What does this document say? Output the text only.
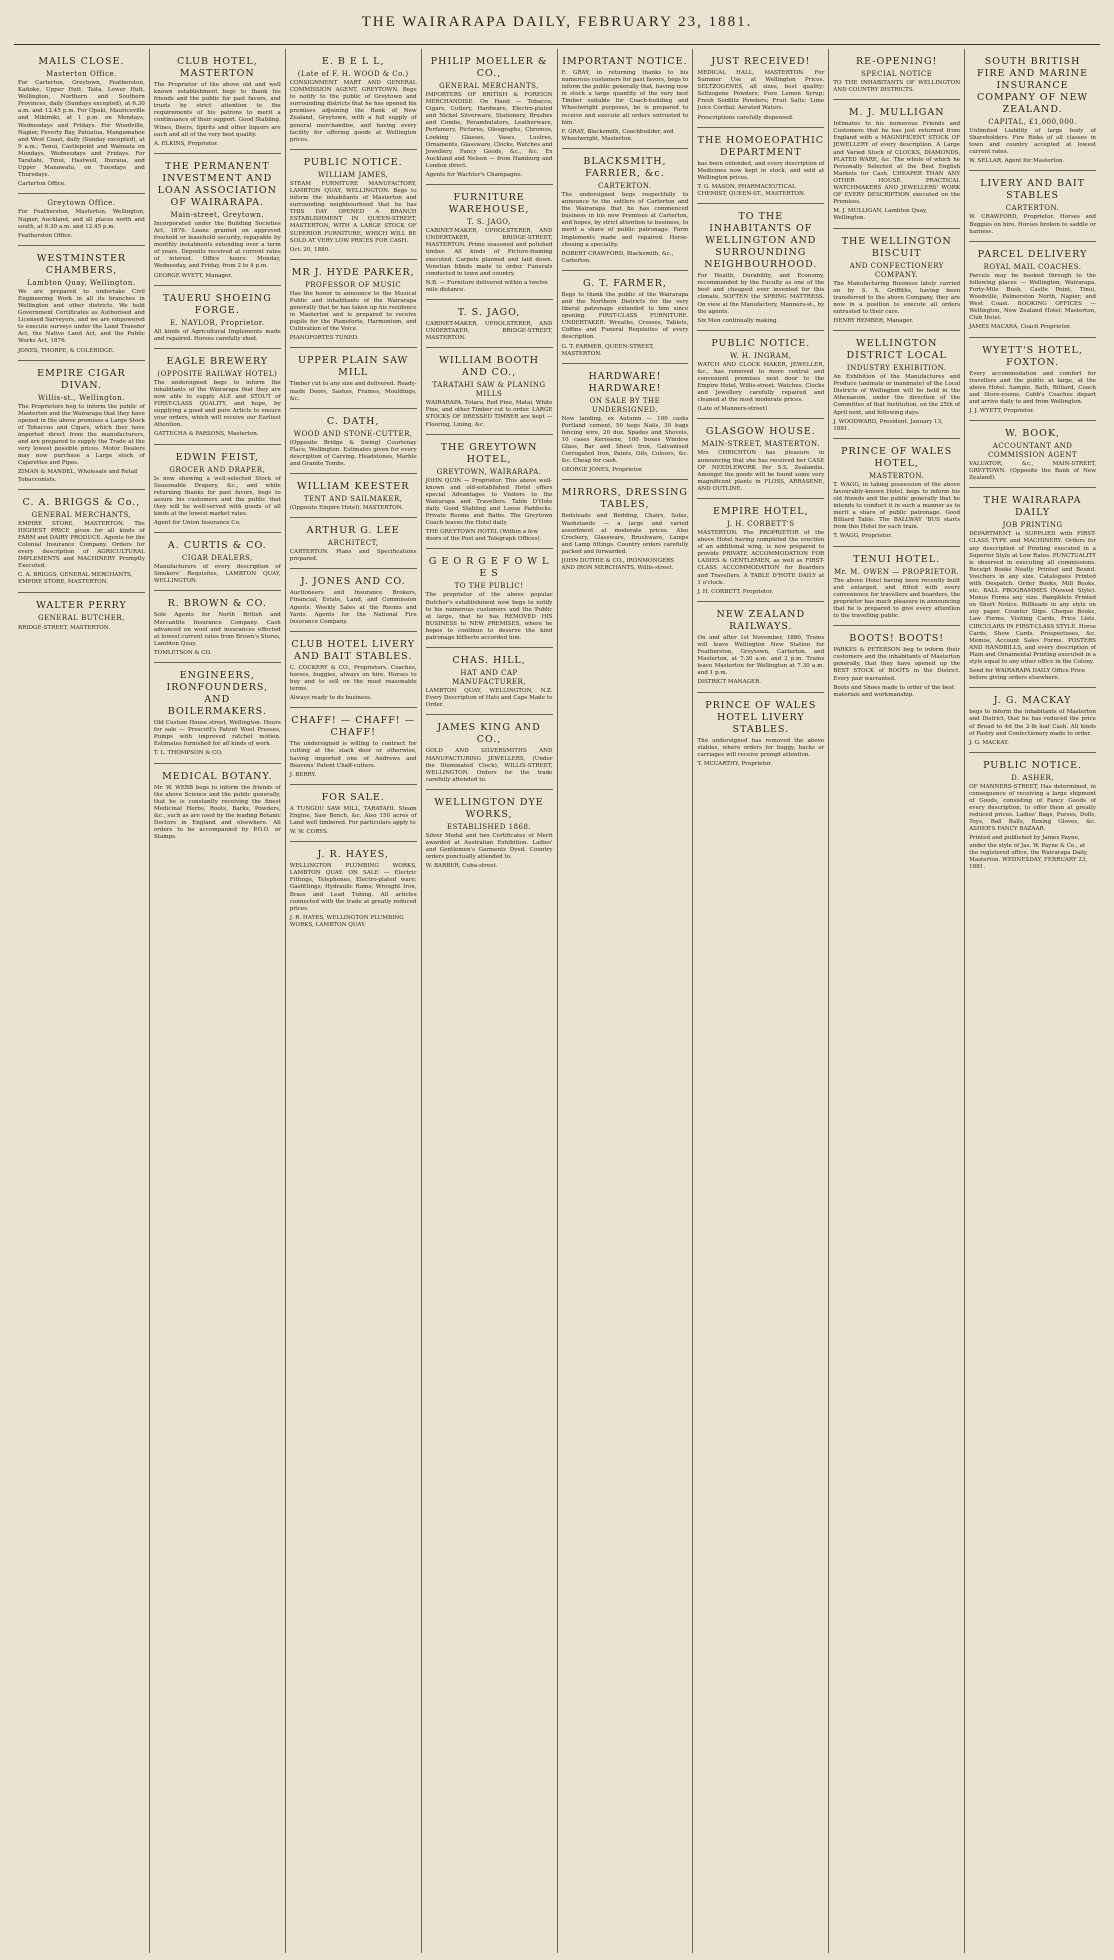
THE WAIRARAPA DAILY, FEBRUARY 23, 1881.
MAILS CLOSE.
Masterton Office.
For Carterton, Greytown, Featherston, Kaitoke, Upper Hutt, Taita, Lower Hutt, Wellington, Northern and Southern Provinces, daily (Sundays excepted), at 6.30 a.m. and 12.45 p.m. For Opaki, Mauriceville and Mikimiki, at 1 p.m. on Mondays, Wednesdays and Fridays. For Woodville, Napier, Feverty Bay, Pahiatua, Mangamahoe and West Coast, daily (Sunday excepted), at 9 a.m.; Tenui, Castlepoint and Waimata on Mondays, Wednesdays and Fridays. For Taratahi, Tinui, Hastwell, Ihuraua, and Upper Manawatu, on Tuesdays and Thursdays.
Carterton Office.
Greytown Office.
For Featherston, Masterton, Wellington, Napier, Auckland, and all places north and south, at 6.30 a.m. and 12.45 p.m.
Featherston Office.
WESTMINSTER CHAMBERS,
Lambton Quay, Wellington.
We are prepared to undertake Civil Engineering Work in all its branches in Wellington and other districts. We hold Government Certificates as Authorised and Licensed Surveyors, and we are empowered to execute surveys under the Land Transfer Act, the Native Land Act, and the Public Works Act, 1876.
JONES, THORPE, & COLERIDGE.
EMPIRE CIGAR DIVAN.
Willis-st., Wellington.
The Proprietors beg to inform the public of Masterton and the Wairarapa that they have opened in the above premises a Large Stock of Tobaccos and Cigars, which they have imported direct from the manufacturers, and are prepared to supply the Trade at the very lowest possible prices. Motor Dealers may now purchase a Large stock of Cigarettes and Pipes.
ZIMAN & MANDEL, Wholesale and Retail Tobacconists.
C. A. BRIGGS & Co.,
GENERAL MERCHANTS,
EMPIRE STORE, MASTERTON. The HIGHEST PRICE given for all kinds of FARM and DAIRY PRODUCE. Agents for the Colonial Insurance Company. Orders for every description of AGRICULTURAL IMPLEMENTS and MACHINERY Promptly Executed.
C. A. BRIGGS, GENERAL MERCHANTS, EMPIRE STORE, MASTERTON.
WALTER PERRY
GENERAL BUTCHER,
BRIDGE-STREET, MASTERTON.
CLUB HOTEL, MASTERTON
The Proprietor of the above old and well known establishment begs to thank his friends and the public for past favors, and trusts by strict attention to the requirements of his patrons to merit a continuance of their support. Good Stabling. Wines, Beers, Spirits and other liquors are each and all of the very best quality.
A. ELKINS, Proprietor.
THE PERMANENT INVESTMENT AND LOAN ASSOCIATION OF WAIRARAPA.
Main-street, Greytown.
Incorporated under the Building Societies Act, 1876. Loans granted on approved freehold or leasehold security, repayable by monthly instalments extending over a term of years. Deposits received at current rates of interest. Office hours: Monday, Wednesday, and Friday, from 2 to 4 p.m.
GEORGE WYETT, Manager.
TAUERU SHOEING FORGE.
E. NAYLOR, Proprietor.
All kinds of Agricultural Implements made and repaired. Horses carefully shod.
EAGLE BREWERY
(OPPOSITE RAILWAY HOTEL)
The undersigned begs to inform the inhabitants of the Wairarapa that they are now able to supply ALE and STOUT of FIRST-CLASS QUALITY, and hope, by supplying a good and pure Article to ensure your orders, which will receive our Earliest Attention.
GATTECHA & PARSONS, Masterton.
EDWIN FEIST,
GROCER AND DRAPER,
Is now showing a well-selected Stock of Seasonable Drapery, &c., and while returning thanks for past favors, begs to assure his customers and the public that they will be well-served with goods of all kinds at the lowest market rates.
Agent for Union Insurance Co.
A. CURTIS & CO.
CIGAR DEALERS,
Manufacturers of every description of Smokers' Requisites, LAMBTON QUAY, WELLINGTON.
R. BROWN & CO.
Sole Agents for North British and Mercantile Insurance Company. Cash advanced on wool and insurances effected at lowest current rates from Brown's Stores, Lambton Quay.
TOMLETSON & CO.
ENGINEERS, IRONFOUNDERS, AND BOILERMAKERS.
Old Custom House street, Wellington. Hours for sale — Prescott's Patent Wool Presses, Pumps with improved ratchet motion. Estimates furnished for all kinds of work.
T. L. THOMPSON & CO.
MEDICAL BOTANY.
Mr. W. WEBB begs to inform the friends of the above Science and the public generally, that he is constantly receiving the finest Medicinal Herbs, Roots, Barks, Powders, &c., such as are used by the leading Botanic Doctors in England and elsewhere. All orders to be accompanied by P.O.O. or Stamps.
E. B E L L,
(Late of F. H. WOOD & Co.)
CONSIGNMENT MART AND GENERAL COMMISSION AGENT, GREYTOWN. Begs to notify to the public of Greytown and surrounding districts that he has opened his premises adjoining the Bank of New Zealand, Greytown, with a full supply of general merchandise, and having every facility for offering goods at Wellington prices.
PUBLIC NOTICE.
WILLIAM JAMES,
STEAM FURNITURE MANUFACTORY, LAMBTON QUAY, WELLINGTON. Begs to inform the inhabitants of Masterton and surrounding neighbourhood that he has THIS DAY OPENED A BRANCH ESTABLISHMENT IN QUEEN-STREET, MASTERTON, WITH A LARGE STOCK OF SUPERIOR FURNITURE, WHICH WILL BE SOLD AT VERY LOW PRICES FOR CASH.
Oct. 20, 1880.
MR J. HYDE PARKER,
PROFESSOR OF MUSIC
Has the honor to announce to the Musical Public and inhabitants of the Wairarapa generally that he has taken up his residence in Masterton and is prepared to receive pupils for the Pianoforte, Harmonium, and Cultivation of the Voice.
PIANOFORTES TUNED.
UPPER PLAIN SAW MILL
Timber cut to any size and delivered. Ready-made Doors, Sashes, Frames, Mouldings, &c.
C. DATH,
WOOD AND STONE-CUTTER,
(Opposite Bridge & Swing) Courtenay Place, Wellington. Estimates given for every description of Carving. Headstones, Marble and Granite Tombs.
WILLIAM KEESTER
TENT AND SAILMAKER,
(Opposite Empire Hotel), MASTERTON.
ARTHUR G. LEE
ARCHITECT,
CARTERTON. Plans and Specifications prepared.
J. JONES AND CO.
Auctioneers and Insurance Brokers, Financial, Estate, Land, and Commission Agents. Weekly Sales at the Rooms and Yards. Agents for the National Fire Insurance Company.
CLUB HOTEL LIVERY AND BAIT STABLES.
C. COCKERY & CO., Proprietors. Coaches, horses, buggies, always on hire. Horses to buy and to sell on the most reasonable terms.
Always ready to do business.
CHAFF! — CHAFF! — CHAFF!
The undersigned is willing to contract for cutting at the stack door or otherwise, having imported one of Andrews and Beavens' Patent Chaff-cutters.
J. BERRY.
FOR SALE.
A TUNGOU SAW MILL, TARATAHI. Steam Engine, Saw Bench, &c. Also 150 acres of Land well timbered. For particulars apply to
W. W. CORYS.
J. R. HAYES,
WELLINGTON PLUMBING WORKS, LAMBTON QUAY. ON SALE — Electric Fittings, Telephones, Electro-plated ware; Gasfittings; Hydraulic Rams; Wrought Iron, Brass and Lead Tubing. All articles connected with the trade at greatly reduced prices.
J. R. HAYES, WELLINGTON PLUMBING WORKS, LAMBTON QUAY.
PHILIP MOELLER & CO.,
GENERAL MERCHANTS,
IMPORTERS OF BRITISH & FOREIGN MERCHANDISE. On Hand — Tobacco, Cigars, Cutlery, Hardware, Electro-plated and Nickel Silverware, Stationery, Brushes and Combs, Perambulators, Leatherware, Perfumery, Pictures, Oleographs, Chromos, Looking Glasses, Vases, Lustres, Ornaments, Glassware, Clocks, Watches and Jewellery, Fancy Goods, &c., &c. Ex Auckland and Nelson — from Hamburg and London direct.
Agents for Wachter's Champagne.
FURNITURE WAREHOUSE,
T. S. JAGO,
CABINET-MAKER, UPHOLSTERER, AND UNDERTAKER, BRIDGE-STREET, MASTERTON. Prime seasoned and polished timber. All kinds of Picture-framing executed. Carpets planned and laid down. Venetian blinds made to order. Funerals conducted in town and country.
N.B. — Furniture delivered within a twelve mile distance.
T. S. JAGO,
CABINET-MAKER, UPHOLSTERER, AND UNDERTAKER, BRIDGE-STREET, MASTERTON.
WILLIAM BOOTH AND CO.,
TARATAHI SAW & PLANING MILLS
WAIRARAPA. Totara, Red Pine, Matai, White Pine, and other Timber cut to order. LARGE STOCKS OF DRESSED TIMBER are kept — Flooring, Lining, &c.
THE GREYTOWN HOTEL,
GREYTOWN, WAIRARAPA.
JOHN QUIN — Proprietor. This above well-known and old-established Hotel offers special Advantages to Visitors to the Wairarapa and Travellers. Table D'Hote daily. Good Stabling and Loose Paddocks. Private Rooms and Baths. The Greytown Coach leaves the Hotel daily.
THE GREYTOWN HOTEL (Within a few doors of the Post and Telegraph Offices).
G E O R G E F O W L E S
TO THE PUBLIC!
The proprietor of the above popular Butcher's establishment now begs to notify to his numerous customers and the Public at large, that he has REMOVED HIS BUSINESS to NEW PREMISES, where he hopes to continue to deserve the kind patronage hitherto accorded him.
CHAS. HILL,
HAT AND CAP MANUFACTURER,
LAMBTON QUAY, WELLINGTON, N.Z. Every Description of Hats and Caps Made to Order.
JAMES KING AND CO.,
GOLD AND SILVERSMITHS AND MANUFACTURING JEWELLERS, (Under the Illuminated Clock), WILLIS-STREET, WELLINGTON. Orders for the trade carefully attended to.
WELLINGTON DYE WORKS,
ESTABLISHED 1868.
Silver Medal and two Certificates of Merit awarded at Australian Exhibition. Ladies' and Gentlemen's Garments Dyed. Country orders punctually attended to.
W. BARBER, Cuba-street.
IMPORTANT NOTICE.
F. GRAY, in returning thanks to his numerous customers for past favors, begs to inform the public generally that, having now in stock a large quantity of the very best Timber suitable for Coach-building and Wheelwright purposes, he is prepared to receive and execute all orders entrusted to him.
F. GRAY, Blacksmith, Coachbuilder, and Wheelwright, Masterton.
BLACKSMITH, FARRIER, &c.
CARTERTON.
The undersigned begs respectfully to announce to the settlers of Carterton and the Wairarapa that he has commenced business in his new Premises at Carterton, and hopes, by strict attention to business, to merit a share of public patronage. Farm Implements made and repaired. Horse-shoeing a speciality.
ROBERT CRAWFORD, Blacksmith, &c., Carterton.
G. T. FARMER,
Begs to thank the public of the Wairarapa and the Northern Districts for the very liberal patronage extended to him since opening. FIRST-CLASS FURNITURE. UNDERTAKER. Wreaths, Crosses, Tablets, Coffins and Funeral Requisites of every description.
G. T. FARMER, QUEEN-STREET, MASTERTON.
HARDWARE! HARDWARE!
ON SALE BY THE UNDERSIGNED.
Now landing, ex Autumn — 100 casks Portland cement, 50 kegs Nails, 30 bags fencing wire, 20 doz. Spades and Shovels, 10 cases Kerosene, 100 boxes Window Glass, Bar and Sheet Iron, Galvanised Corrugated Iron, Paints, Oils, Colours, &c. &c. Cheap for cash.
GEORGE JONES, Proprietor.
MIRRORS, DRESSING TABLES,
Bedsteads and Bedding, Chairs, Sofas, Washstands — a large and varied assortment at moderate prices. Also Crockery, Glassware, Brushware, Lamps and Lamp fittings. Country orders carefully packed and forwarded.
JOHN DUTHIE & CO., IRONMONGERS AND IRON MERCHANTS, Willis-street.
JUST RECEIVED!
MEDICAL HALL, MASTERTON. For Summer Use at Wellington Prices. SELTZOGENES, all sizes, best quality; Seltzogene Powders; Pure Lemon Syrup; Fresh Seidlitz Powders; Fruit Salts; Lime Juice Cordial; Aerated Waters.
Prescriptions carefully dispensed.
THE HOMOEOPATHIC DEPARTMENT
has been extended, and every description of Medicines now kept in stock, and sold at Wellington prices.
T. G. MASON, PHARMACEUTICAL CHEMIST, QUEEN-ST., MASTERTON.
TO THE INHABITANTS OF WELLINGTON AND SURROUNDING NEIGHBOURHOOD.
For Health, Durability, and Economy, recommended by the Faculty as one of the best and cheapest ever invented for this climate. SOFTEN the SPRING MATTRESS. On view at the Manufactory, Manners-st., by the agents.
Six Men continually making.
PUBLIC NOTICE.
W. H. INGRAM,
WATCH AND CLOCK MAKER, JEWELLER, &c., has removed to more central and convenient premises next door to the Empire Hotel, Willis-street. Watches, Clocks and Jewellery carefully repaired and cleaned at the most moderate prices.
(Late of Manners-street)
GLASGOW HOUSE.
MAIN-STREET, MASTERTON.
Mrs CHRICHTON has pleasure in announcing that she has received her CASE OF NEEDLEWORK Per S.S. Zealandia. Amongst the goods will be found some very magnificent plants in FLOSS, ARRASENE, AND OUTLINE.
EMPIRE HOTEL,
J. H. CORBETT'S
MASTERTON. The PROPRIETOR of the above Hotel having completed the erection of an additional wing, is now prepared to provide PRIVATE ACCOMMODATION FOR LADIES & GENTLEMEN, as well as FIRST-CLASS ACCOMMODATION for Boarders and Travellers. A TABLE D'HOTE DAILY at 1 o'clock.
J. H. CORBETT, Proprietor.
NEW ZEALAND RAILWAYS.
On and after 1st November, 1880, Trains will leave Wellington New Station for Featherston, Greytown, Carterton, and Masterton, at 7.30 a.m. and 2 p.m. Trains leave Masterton for Wellington at 7.30 a.m. and 1 p.m.
DISTRICT MANAGER.
PRINCE OF WALES HOTEL LIVERY STABLES.
The undersigned has removed the above stables, where orders for buggy, hacks or carriages will receive prompt attention.
T. MCCARTHY, Proprietor.
RE-OPENING!
SPECIAL NOTICE
TO THE INHABITANTS OF WELLINGTON AND COUNTRY DISTRICTS.
M. J. MULLIGAN
Intimates to his numerous Friends and Customers that he has just returned from England with a MAGNIFICENT STOCK OF JEWELLERY of every description. A Large and Varied Stock of CLOCKS, DIAMONDS, PLATED WARE, &c. The whole of which he Personally Selected at the Best English Markets for Cash. CHEAPER THAN ANY OTHER HOUSE. PRACTICAL WATCHMAKERS AND JEWELLERS' WORK OF EVERY DESCRIPTION executed on the Premises.
M. J. MULLIGAN, Lambton Quay, Wellington.
THE WELLINGTON BISCUIT
AND CONFECTIONERY COMPANY.
The Manufacturing Business lately carried on by S. S. Griffiths, having been transferred to the above Company, they are now in a position to execute all orders entrusted to their care.
HENRY REMBER, Manager.
WELLINGTON DISTRICT LOCAL
INDUSTRY EXHIBITION.
An Exhibition of the Manufactures and Produce (animate or inanimate) of the Local Districts of Wellington will be held in the Athenaeum, under the direction of the Committee of that Institution, on the 25th of April next, and following days.
J. WOODWARD, President. January 13, 1881.
PRINCE OF WALES HOTEL,
MASTERTON.
T. WAGG, in taking possession of the above favourably-known Hotel, begs to inform his old friends and the public generally that he intends to conduct it in such a manner as to merit a share of public patronage. Good Billiard Table. The BALLWAY 'BUS starts from this Hotel for each train.
T. WAGG, Proprietor.
TENUI HOTEL.
Mr. M. OWEN — PROPRIETOR.
The above Hotel having been recently built and enlarged, and fitted with every convenience for travellers and boarders, the proprietor has much pleasure in announcing that he is prepared to give every attention to the travelling public.
BOOTS! BOOTS!
PARKES & PETERSON beg to inform their customers and the inhabitants of Masterton generally, that they have opened up the BEST STOCK of BOOTS in the District. Every pair warranted.
Boots and Shoes made to order of the best materials and workmanship.
SOUTH BRITISH FIRE AND MARINE INSURANCE COMPANY OF NEW ZEALAND.
CAPITAL, £1,000,000.
Unlimited Liability of large body of Shareholders. Fire Risks of all classes in town and country accepted at lowest current rates.
W. SELLAR, Agent for Masterton.
LIVERY AND BAIT STABLES
CARTERTON.
W. CRAWFORD, Proprietor. Horses and Buggies on hire. Horses broken to saddle or harness.
PARCEL DELIVERY
ROYAL MAIL COACHES.
Parcels may be booked through to the following places — Wellington, Wairarapa, Forty-Mile Bush, Castle Point, Tinui, Woodville, Palmerston North, Napier, and West Coast. BOOKING OFFICES — Wellington, New Zealand Hotel; Masterton, Club Hotel.
JAMES MACARA, Coach Proprietor.
WYETT'S HOTEL, FOXTON.
Every accommodation and comfort for travellers and the public at large, at the above Hotel. Sample, Bath, Billiard, Coach and Store-rooms. Cobb's Coaches depart and arrive daily to and from Wellington.
J. J. WYETT, Proprietor.
W. BOOK,
ACCOUNTANT AND COMMISSION AGENT
VALUATOR, &c., MAIN-STREET, GREYTOWN. (Opposite the Bank of New Zealand).
THE WAIRARAPA DAILY
JOB PRINTING
DEPARTMENT is SUPPLIED with FIRST-CLASS TYPE and MACHINERY. Orders for any description of Printing executed in a Superior Style at Low Rates. PUNCTUALITY is observed in executing all commissions. Receipt Books Neatly Printed and Bound. Vouchers in any size. Catalogues Printed with Despatch. Order Books, Mill Books, etc. BALL PROGRAMMES (Newest Style). Menus Forms any size. Pamphlets Printed on Short Notice. Billheads in any style on any paper. Counter Slips. Cheque Books, Law Forms. Visiting Cards, Price Lists. CIRCULARS IN FIRST-CLASS STYLE. Horse Cards, Show Cards. Prospectuses, &c. Memos, Account Sales Forms. POSTERS AND HANDBILLS, and every description of Plain and Ornamental Printing executed in a style equal to any other office in the Colony.
Send for WAIRARAPA DAILY Office Price before giving orders elsewhere.
J. G. MACKAY
begs to inform the inhabitants of Masterton and District, that he has reduced the price of Bread to 4d the 2-lb loaf Cash. All kinds of Pastry and Confectionery made to order.
J. G. MACKAY.
PUBLIC NOTICE.
D. ASHER,
OF MANNERS-STREET, Has determined, in consequence of receiving a large shipment of Goods, consisting of Fancy Goods of every description, to offer them at greatly reduced prices. Ladies' Bags, Purses, Dolls, Toys, Ball Balls, Boxing Gloves, &c. ASHER'S FANCY BAZAAR.
Printed and published by James Payne, under the style of Jas. W. Payne & Co., at the registered office, the Wairarapa Daily, Masterton. WEDNESDAY, FEBRUARY 23, 1881.
